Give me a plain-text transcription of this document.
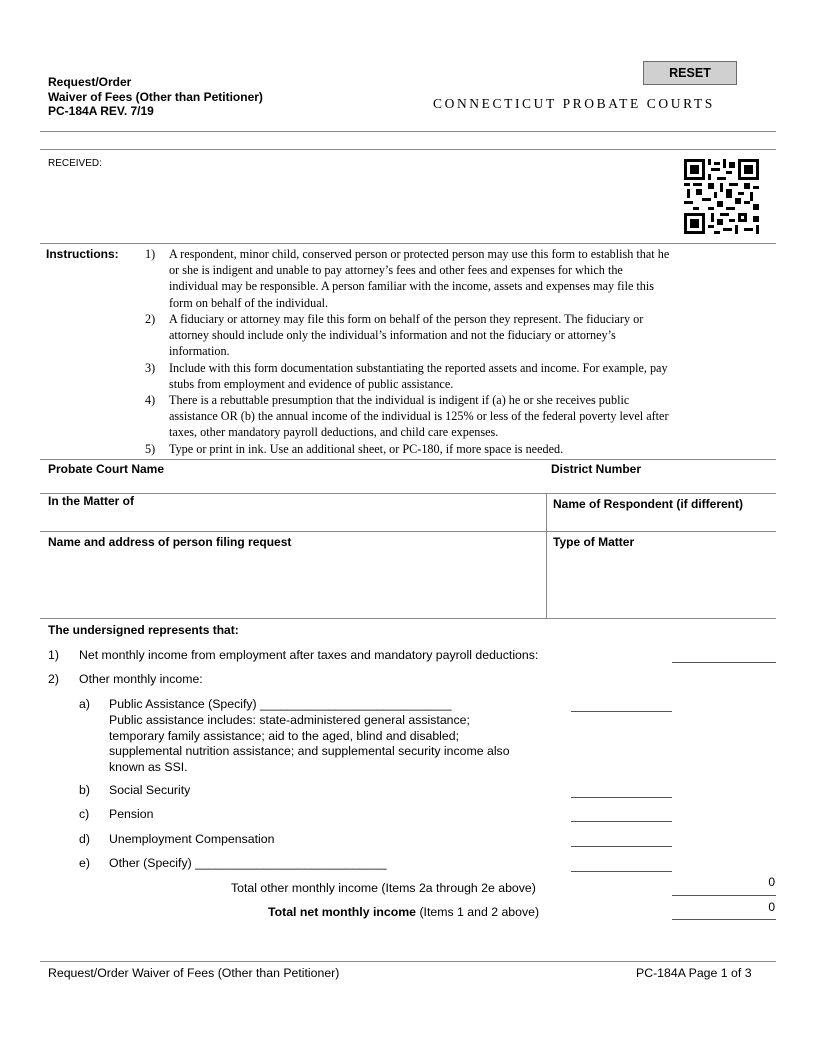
Request/Order
Waiver of Fees (Other than Petitioner)
PC-184A REV. 7/19
RESET
CONNECTICUT PROBATE COURTS
RECEIVED:
Instructions: 1) A respondent, minor child, conserved person or protected person may use this form to establish that he
or she is indigent and unable to pay attorney’s fees and other fees and expenses for which the
individual may be responsible. A person familiar with the income, assets and expenses may file this
form on behalf of the individual.
2) A fiduciary or attorney may file this form on behalf of the person they represent. The fiduciary or
attorney should include only the individual’s information and not the fiduciary or attorney’s
information.
3) Include with this form documentation substantiating the reported assets and income. For example, pay
stubs from employment and evidence of public assistance.
4) There is a rebuttable presumption that the individual is indigent if (a) he or she receives public
assistance OR (b) the annual income of the individual is 125% or less of the federal poverty level after
taxes, other mandatory payroll deductions, and child care expenses.
5) Type or print in ink. Use an additional sheet, or PC-180, if more space is needed.
Probate Court Name	District Number
In the Matter of	Name of Respondent (if different)
Name and address of person filing request	Type of Matter
The undersigned represents that:
1) Net monthly income from employment after taxes and mandatory payroll deductions:
2) Other monthly income:
a) Public Assistance (Specify) ____________________________
Public assistance includes: state-administered general assistance;
temporary family assistance; aid to the aged, blind and disabled;
supplemental nutrition assistance; and supplemental security income also
known as SSI.
b) Social Security
c) Pension
d) Unemployment Compensation
e) Other (Specify) ____________________________
Total other monthly income (Items 2a through 2e above)	0
Total net monthly income (Items 1 and 2 above)	0
Request/Order Waiver of Fees (Other than Petitioner)	PC-184A Page 1 of 3
